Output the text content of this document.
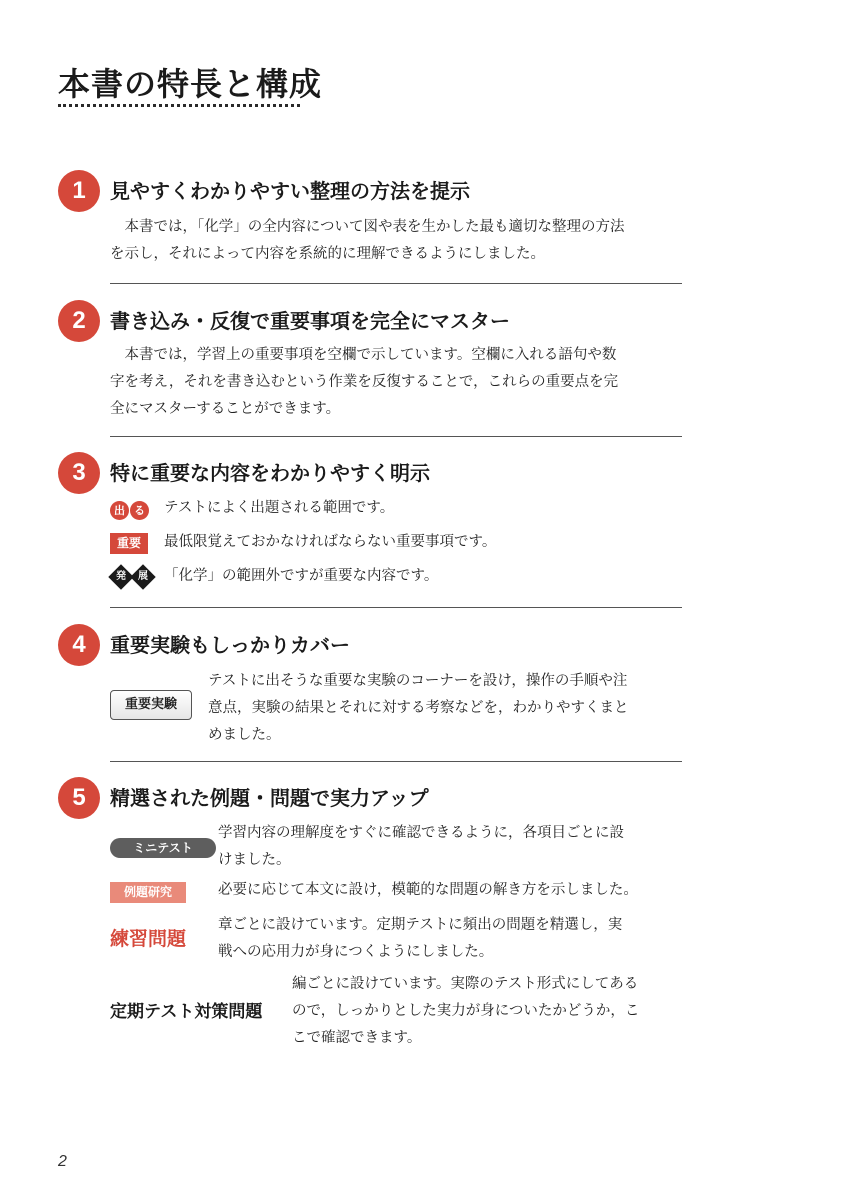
本書の特長と構成
1	見やすくわかりやすい整理の方法を提示

本書では，「化学」の全内容について図や表を生かした最も適切な整理の方法

を示し，それによって内容を系統的に理解できるようにしました。

2	書き込み・反復で重要事項を完全にマスター

本書では，学習上の重要事項を空欄で示しています。空欄に入れる語句や数

字を考え，それを書き込むという作業を反復することで，これらの重要点を完

全にマスターすることができます。

3	特に重要な内容をわかりやすく明示
出 る テストによく出題される範囲です。
重要 最低限覚えておかなければならない重要事項です。
発	展 「化学」の範囲外ですが重要な内容です。
4	重要実験もしっかりカバー
重要実験

テストに出そうな重要な実験のコーナーを設け，操作の手順や注

意点，実験の結果とそれに対する考察などを，わかりやすくまと

めました。

5	精選された例題・問題で実力アップ
ミニテスト

学習内容の理解度をすぐに確認できるように，各項目ごとに設

けました。

例題研究	必要に応じて本文に設け，模範的な問題の解き方を示しました。

練習問題

章ごとに設けています。定期テストに頻出の問題を精選し，実

戦への応用力が身につくようにしました。

定期テスト対策問題

編ごとに設けています。実際のテスト形式にしてある

ので，しっかりとした実力が身についたかどうか，こ

こで確認できます。

2
